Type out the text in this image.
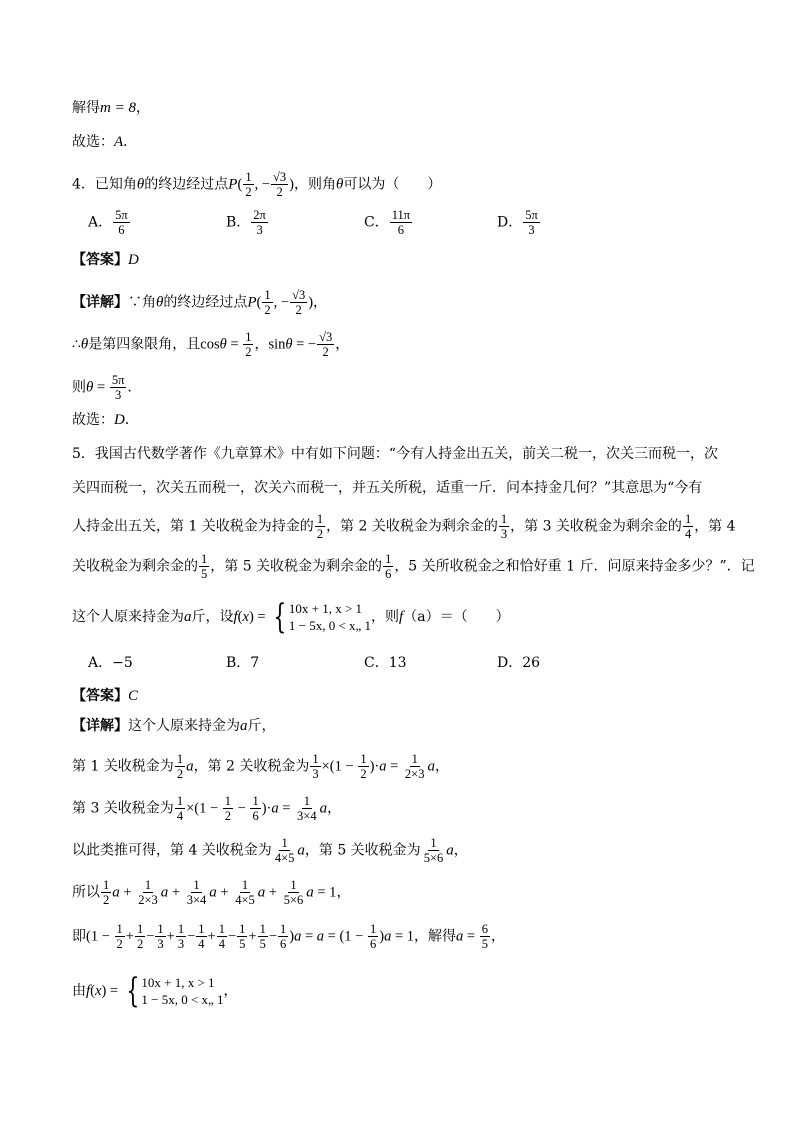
解得m = 8，
故选：A．
4．已知角θ的终边经过点$P( \frac{1}{2}$ , − $\frac{√3}{2}$ )，则角θ可以为（　　）
A． $\frac{5\pi}{6}$	B． $\frac{2\pi}{3}$	C． $\frac{11\pi}{6}$	D． $\frac{5\pi}{3}$
【答案】D
【详解】∵角θ的终边经过点$P( \frac{1}{2}$ , − $\frac{√3}{2}$ )，
∴θ是第四象限角，且$\cos\theta = \frac{1}{2}$ ，sinθ = − $\frac{√3}{2}$ ，
则$\theta = \frac{5\pi}{3}$ ．
故选：D．
5．我国古代数学著作《九章算术》中有如下问题：“今有人持金出五关，前关二税一，次关三而税一，次
关四而税一，次关五而税一，次关六而税一，并五关所税，适重一斤．问本持金几何？”其意思为“今有
人持金出五关，第 1 关收税金为持金的 $\frac{1}{2}$ ，第 2 关收税金为剩余金的 $\frac{1}{3}$ ，第 3 关收税金为剩余金的 $\frac{1}{4}$ ，第 4
关收税金为剩余金的 $\frac{1}{5}$ ，第 5 关收税金为剩余金的 $\frac{1}{6}$ ，5 关所收税金之和恰好重 1 斤．问原来持金多少？”．记
这个人原来持金为a斤，设f(x) = { 10x + 1, x > 1
1 − 5x, 0 < x„ 1
，则f（a）＝（　　）
A．−5	B．7	C．13	D．26
【答案】C
【详解】这个人原来持金为a斤，
第 1 关收税金为 $\frac{1}{2}$ a，第 2 关收税金为 $\frac{1}{3} \times(1 - \frac{1}{2} )\cdot a = \frac{1}{2\times 3}$ a，
第 3 关收税金为 $\frac{1}{4} \times(1 - \frac{1}{2} - \frac{1}{6} )\cdot a = \frac{1}{3\times 4}$ a，
以此类推可得，第 4 关收税金为 $\frac{1}{4\times 5}$ a，第 5 关收税金为 $\frac{1}{5\times 6}$ a，
所以 $\frac{1}{2}$ $a + \frac{1}{2\times 3}$ $a + \frac{1}{3\times 4}$ $a + \frac{1}{4\times 5}$ $a + \frac{1}{5\times 6}$ a = 1，
即$(1 - \frac{1}{2} + \frac{1}{2} - \frac{1}{3} + \frac{1}{3} - \frac{1}{4} + \frac{1}{4} - \frac{1}{5} + \frac{1}{5} - \frac{1}{6} )a = a = (1 - \frac{1}{6} )a = 1$，解得$a = \frac{6}{5}$ ，
由f(x) = { 10x + 1, x > 1
1 − 5x, 0 < x„ 1
，
